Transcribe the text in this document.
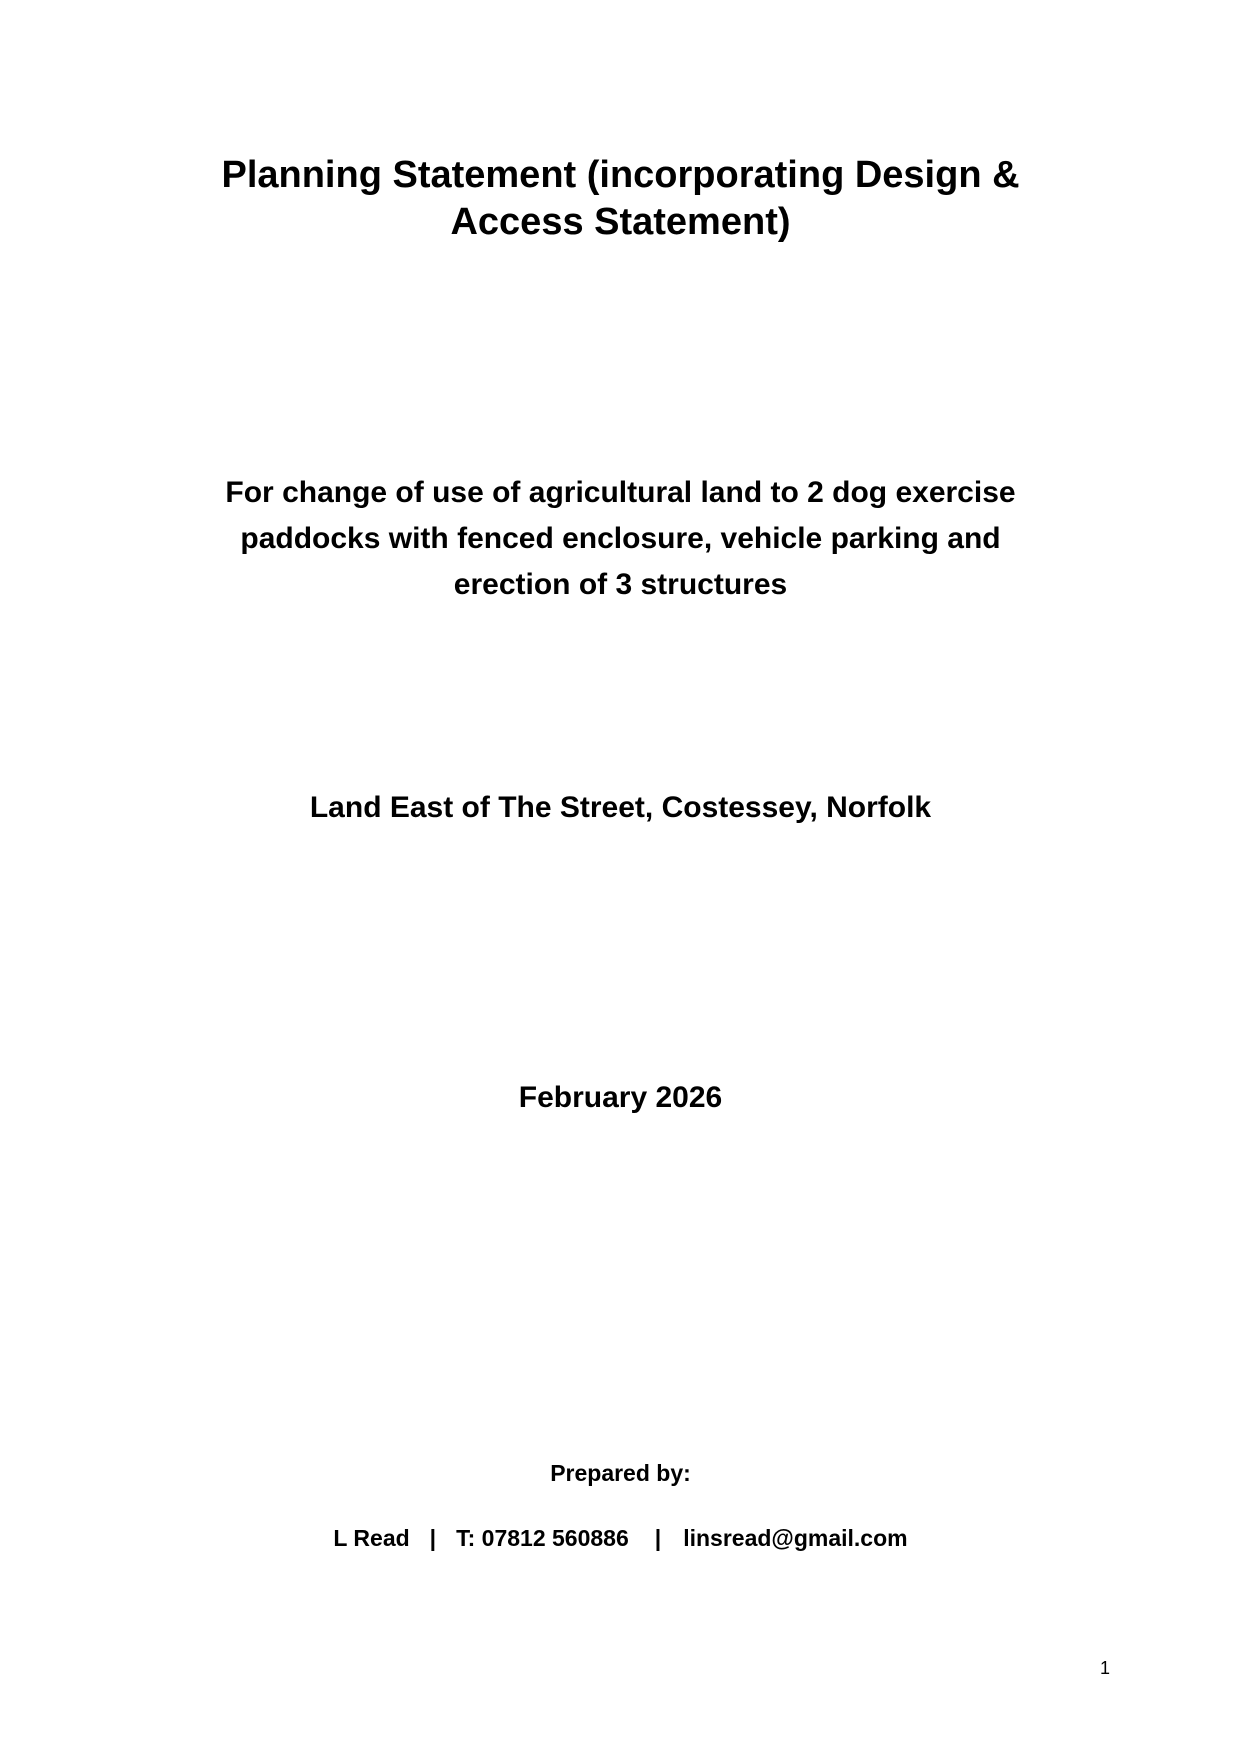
Planning Statement (incorporating Design &
Access Statement)
For change of use of agricultural land to 2 dog exercise
paddocks with fenced enclosure, vehicle parking and
erection of 3 structures
Land East of The Street, Costessey, Norfolk
February 2026
Prepared by:
L Read | T: 07812 560886 | linsread@gmail.com
1
